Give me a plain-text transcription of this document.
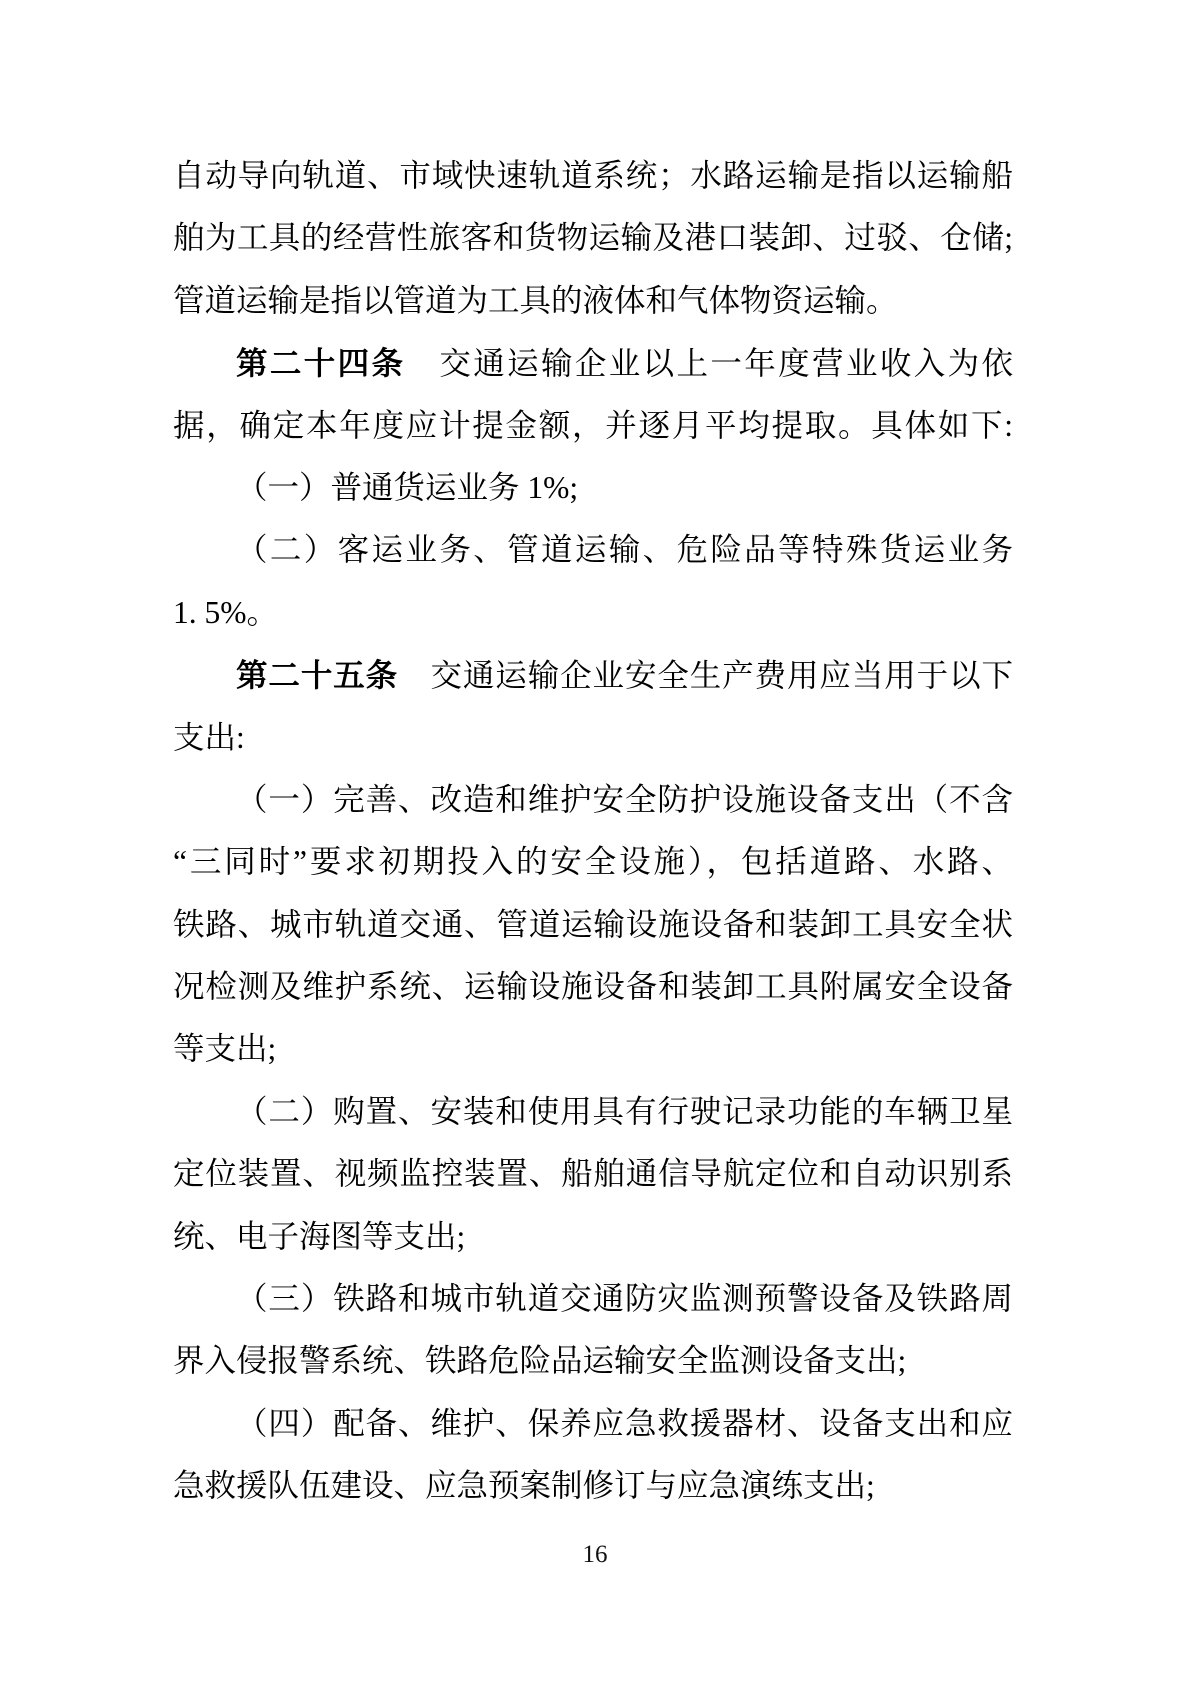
自动导向轨道、市域快速轨道系统；水路运输是指以运输船
舶为工具的经营性旅客和货物运输及港口装卸、过驳、仓储;
管道运输是指以管道为工具的液体和气体物资运输。
第二十四条　交通运输企业以上一年度营业收入为依
据，确定本年度应计提金额，并逐月平均提取。具体如下:
（一）普通货运业务 1%;
（二）客运业务、管道运输、危险品等特殊货运业务
1. 5%。
第二十五条　交通运输企业安全生产费用应当用于以下
支出:
（一）完善、改造和维护安全防护设施设备支出（不含
“三同时”要求初期投入的安全设施），包括道路、水路、
铁路、城市轨道交通、管道运输设施设备和装卸工具安全状
况检测及维护系统、运输设施设备和装卸工具附属安全设备
等支出;
（二）购置、安装和使用具有行驶记录功能的车辆卫星
定位装置、视频监控装置、船舶通信导航定位和自动识别系
统、电子海图等支出;
（三）铁路和城市轨道交通防灾监测预警设备及铁路周
界入侵报警系统、铁路危险品运输安全监测设备支出;
（四）配备、维护、保养应急救援器材、设备支出和应
急救援队伍建设、应急预案制修订与应急演练支出;
16
